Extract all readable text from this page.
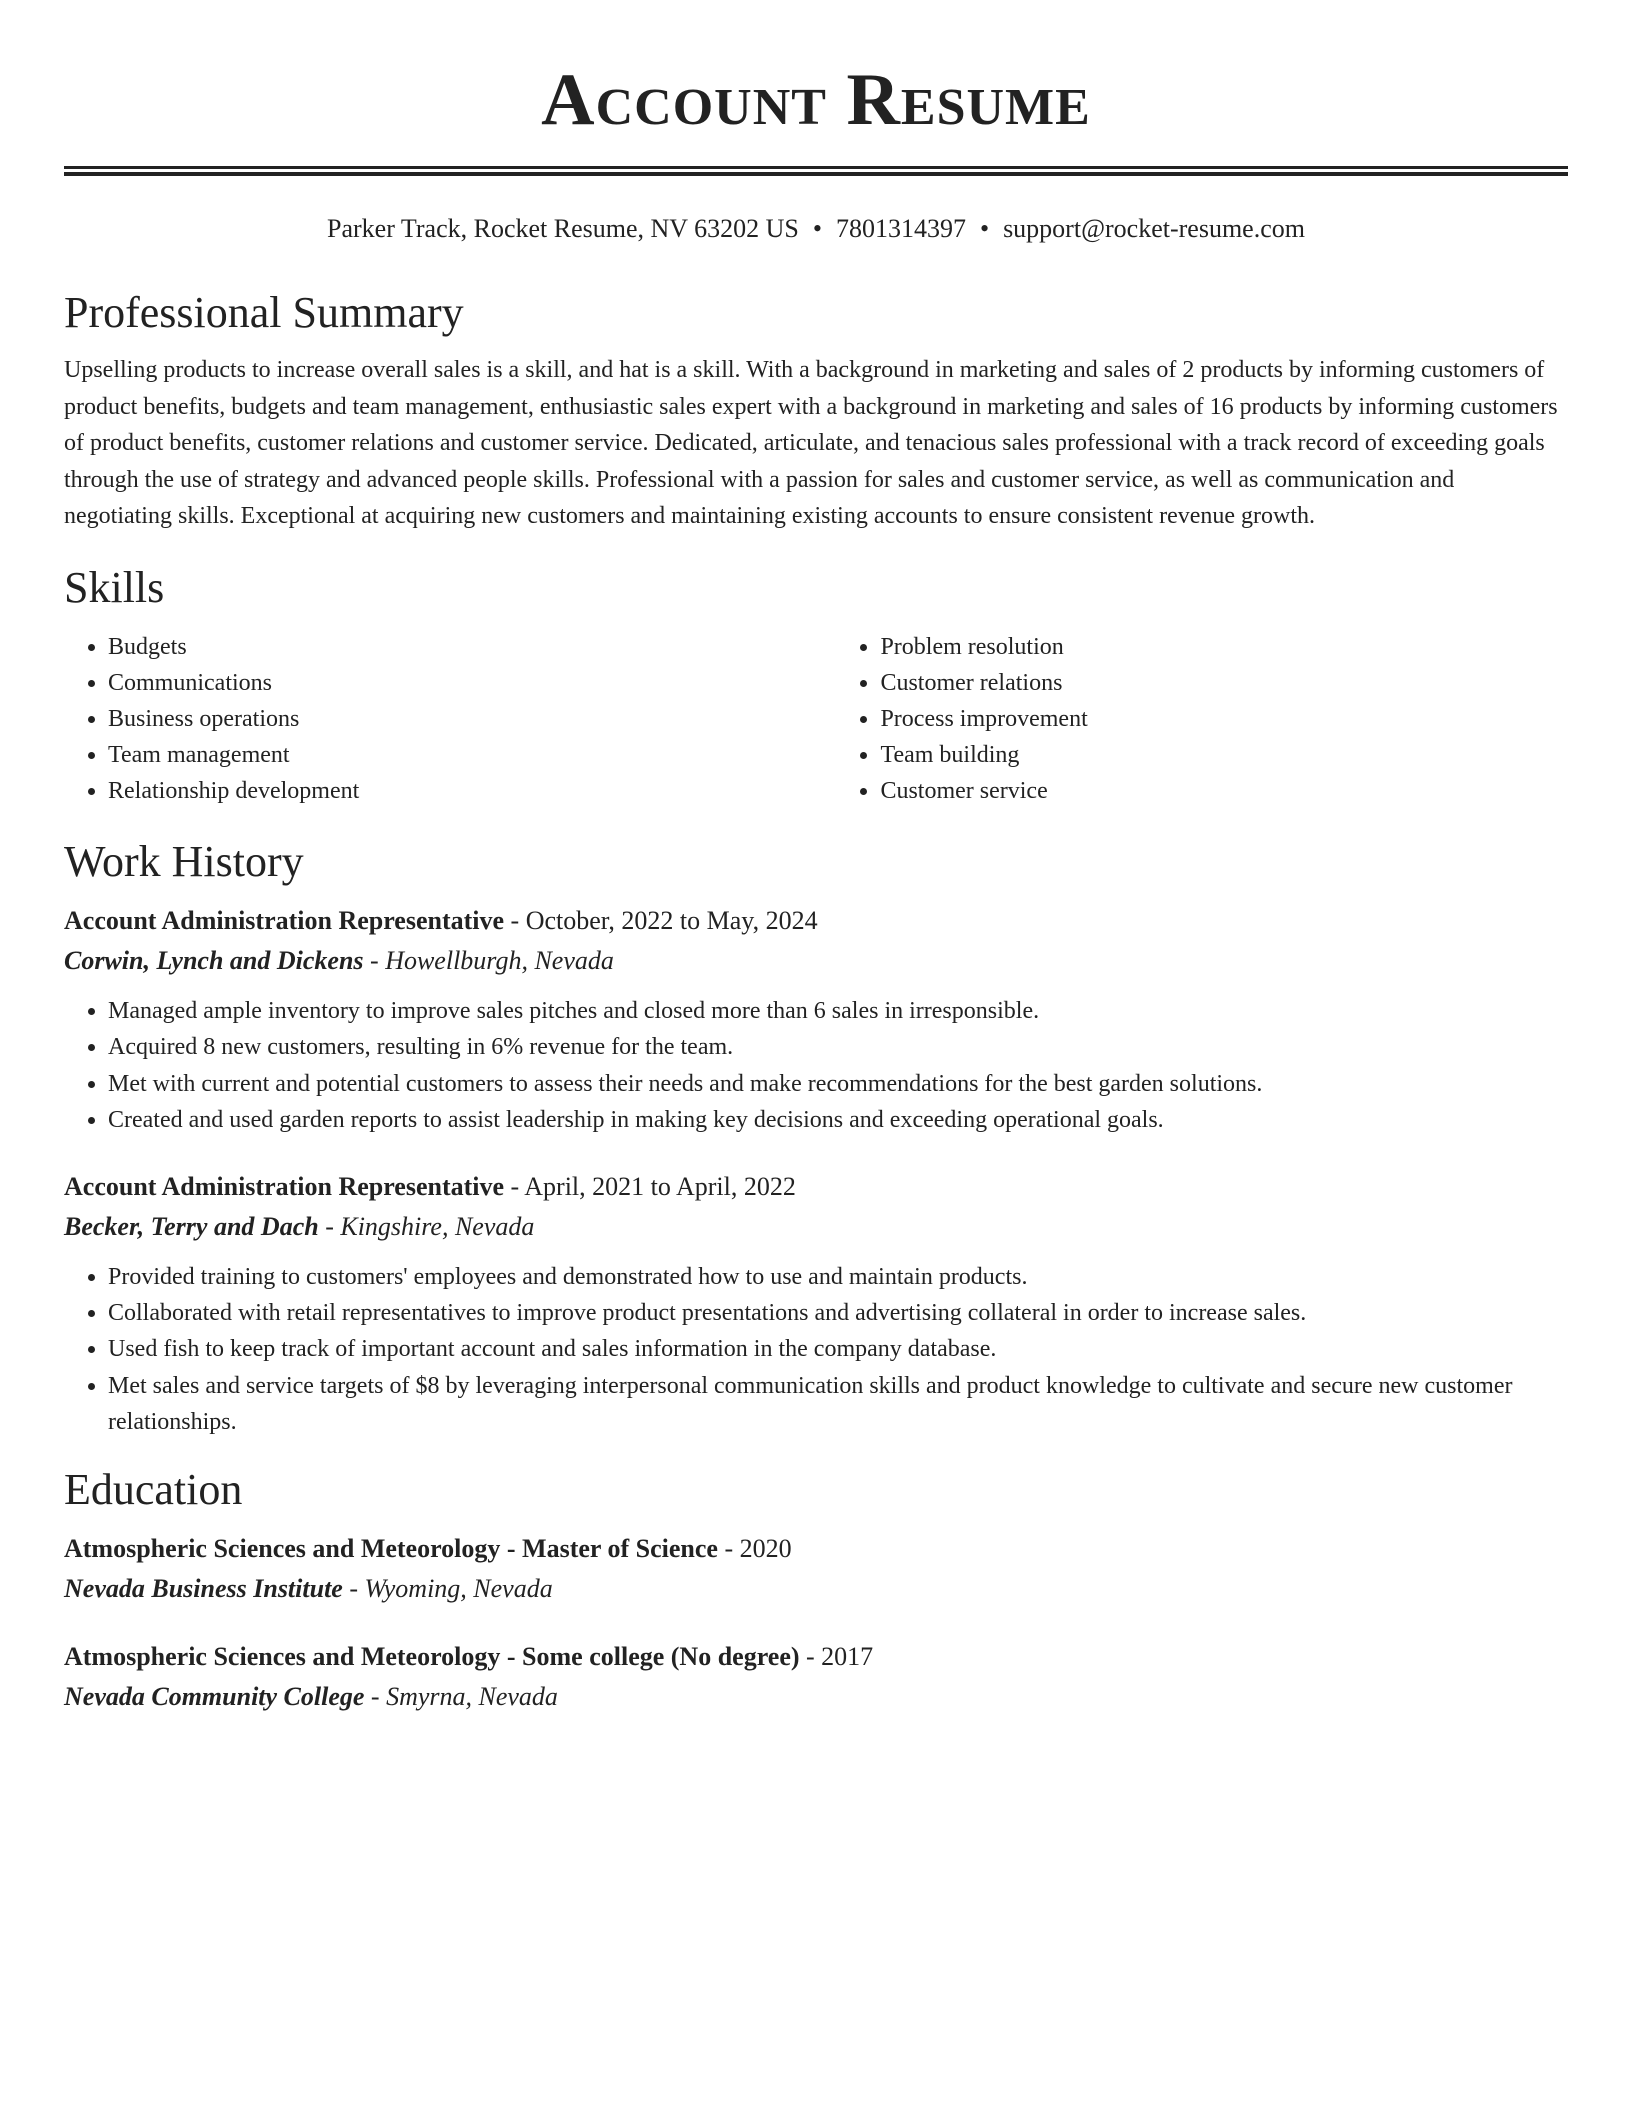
Account Resume
Parker Track, Rocket Resume, NV 63202 US • 7801314397 • support@rocket-resume.com
Professional Summary

Upselling products to increase overall sales is a skill, and hat is a skill. With a background in marketing and sales of 2 products by informing customers of product benefits, budgets and team management, enthusiastic sales expert with a background in marketing and sales of 16 products by informing customers of product benefits, customer relations and customer service. Dedicated, articulate, and tenacious sales professional with a track record of exceeding goals through the use of strategy and advanced people skills. Professional with a passion for sales and customer service, as well as communication and negotiating skills. Exceptional at acquiring new customers and maintaining existing accounts to ensure consistent revenue growth.

Skills
• Budgets
• Communications
• Business operations
• Team management
• Relationship development
• Problem resolution
• Customer relations
• Process improvement
• Team building
• Customer service
Work History
Account Administration Representative - October, 2022 to May, 2024
Corwin, Lynch and Dickens - Howellburgh, Nevada
• Managed ample inventory to improve sales pitches and closed more than 6 sales in irresponsible.
• Acquired 8 new customers, resulting in 6% revenue for the team.
• Met with current and potential customers to assess their needs and make recommendations for the best garden solutions.
• Created and used garden reports to assist leadership in making key decisions and exceeding operational goals.
Account Administration Representative - April, 2021 to April, 2022
Becker, Terry and Dach - Kingshire, Nevada
• Provided training to customers' employees and demonstrated how to use and maintain products.
• Collaborated with retail representatives to improve product presentations and advertising collateral in order to increase sales.
• Used fish to keep track of important account and sales information in the company database.
• Met sales and service targets of $8 by leveraging interpersonal communication skills and product knowledge to cultivate and secure new customer relationships.
Education
Atmospheric Sciences and Meteorology - Master of Science - 2020
Nevada Business Institute - Wyoming, Nevada
Atmospheric Sciences and Meteorology - Some college (No degree) - 2017
Nevada Community College - Smyrna, Nevada
